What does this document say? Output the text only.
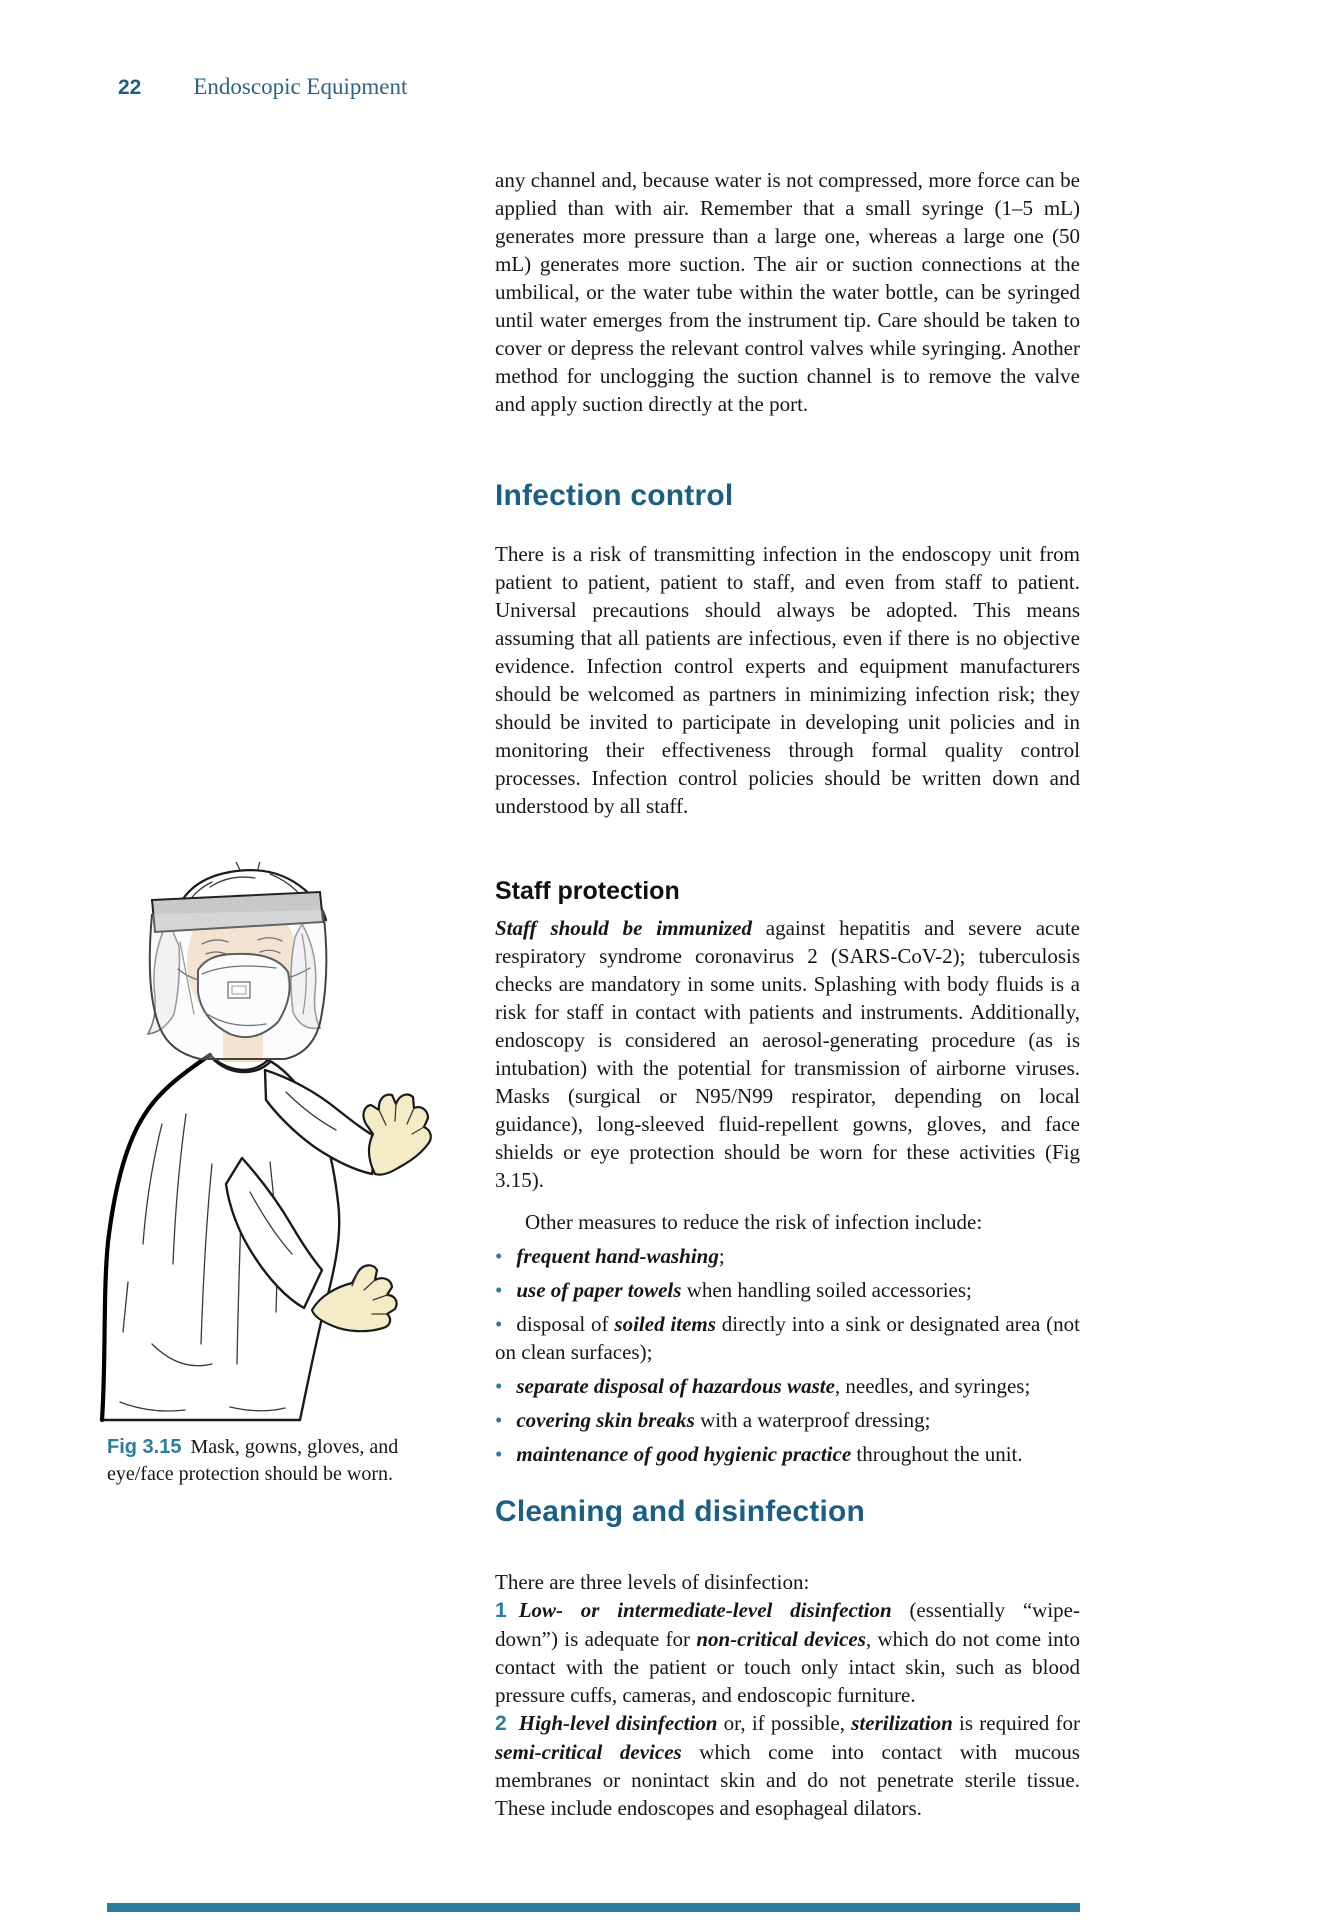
22 Endoscopic Equipment

any channel and, because water is not compressed, more force can be applied than with air. Remember that a small syringe (1–5 mL) generates more pressure than a large one, whereas a large one (50 mL) generates more suction. The air or suction connections at the umbilical, or the water tube within the water bottle, can be syringed until water emerges from the instrument tip. Care should be taken to cover or depress the relevant control valves while syringing. Another method for unclogging the suction channel is to remove the valve and apply suction directly at the port.

Infection control

There is a risk of transmitting infection in the endoscopy unit from patient to patient, patient to staff, and even from staff to patient. Universal precautions should always be adopted. This means assuming that all patients are infectious, even if there is no objective evidence. Infection control experts and equipment manufacturers should be welcomed as partners in minimizing infection risk; they should be invited to participate in developing unit policies and in monitoring their effectiveness through formal quality control processes. Infection control policies should be written down and understood by all staff.

Staff protection

Staff should be immunized against hepatitis and severe acute respiratory syndrome coronavirus 2 (SARS-CoV-2); tuberculosis checks are mandatory in some units. Splashing with body fluids is a risk for staff in contact with patients and instruments. Additionally, endoscopy is considered an aerosol-generating procedure (as is intubation) with the potential for transmission of airborne viruses. Masks (surgical or N95/N99 respirator, depending on local guidance), long-sleeved fluid-repellent gowns, gloves, and face shields or eye protection should be worn for these activities (Fig 3.15).

Other measures to reduce the risk of infection include:

• frequent hand-washing;
• use of paper towels when handling soiled accessories;
• disposal of soiled items directly into a sink or designated area (not on clean surfaces);
• separate disposal of hazardous waste, needles, and syringes;
• covering skin breaks with a waterproof dressing;
• maintenance of good hygienic practice throughout the unit.
Cleaning and disinfection

There are three levels of disinfection:

1 Low- or intermediate-level disinfection (essentially “wipe-down”) is adequate for non-critical devices, which do not come into contact with the patient or touch only intact skin, such as blood pressure cuffs, cameras, and endoscopic furniture.

2 High-level disinfection or, if possible, sterilization is required for semi-critical devices which come into contact with mucous membranes or nonintact skin and do not penetrate sterile tissue. These include endoscopes and esophageal dilators.

Fig 3.15 Mask, gowns, gloves, and eye/face protection should be worn.
